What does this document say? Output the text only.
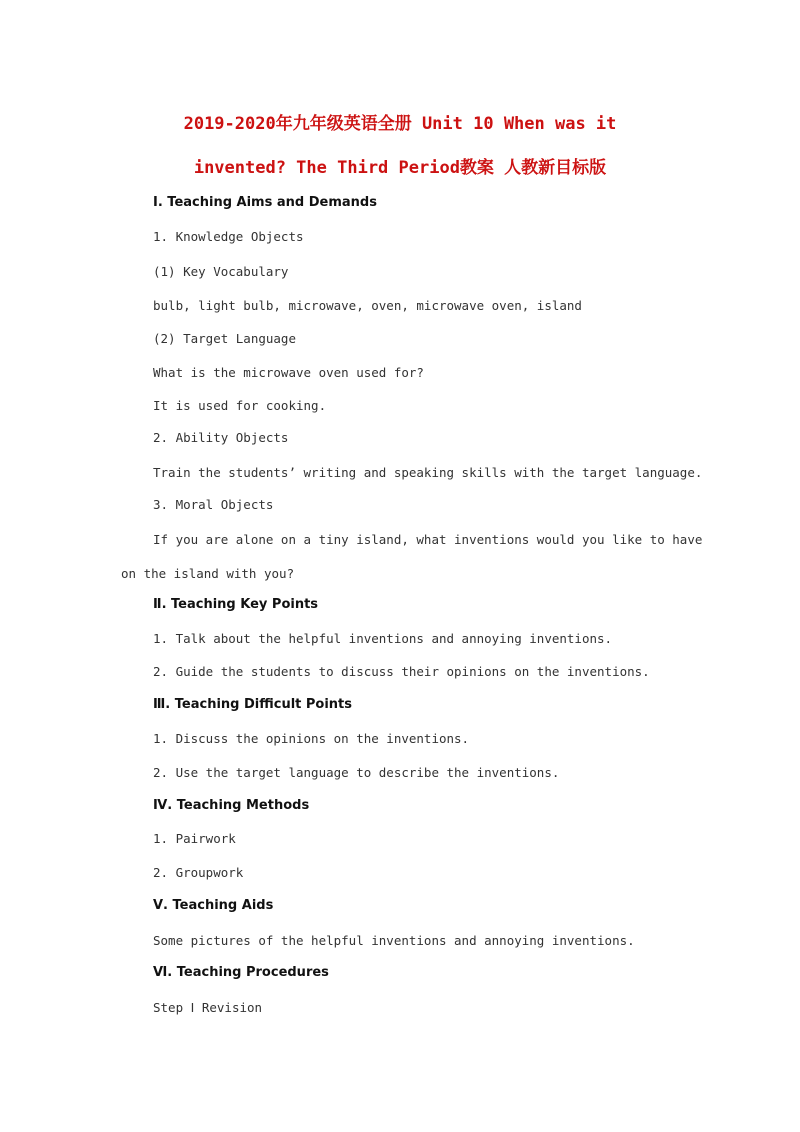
2019-2020年九年级英语全册 Unit 10 When was it
invented? The Third Period教案 人教新目标版
Ⅰ. Teaching Aims and Demands
1. Knowledge Objects
(1) Key Vocabulary
bulb, light bulb, microwave, oven, microwave oven, island
(2) Target Language
What is the microwave oven used for?
It is used for cooking.
2. Ability Objects
Train the students’ writing and speaking skills with the target language.
3. Moral Objects
If you are alone on a tiny island, what inventions would you like to have
on the island with you?
Ⅱ. Teaching Key Points
1. Talk about the helpful inventions and annoying inventions.
2. Guide the students to discuss their opinions on the inventions.
Ⅲ. Teaching Difficult Points
1. Discuss the opinions on the inventions.
2. Use the target language to describe the inventions.
Ⅳ. Teaching Methods
1. Pairwork
2. Groupwork
Ⅴ. Teaching Aids
Some pictures of the helpful inventions and annoying inventions.
Ⅵ. Teaching Procedures
Step Ⅰ Revision
